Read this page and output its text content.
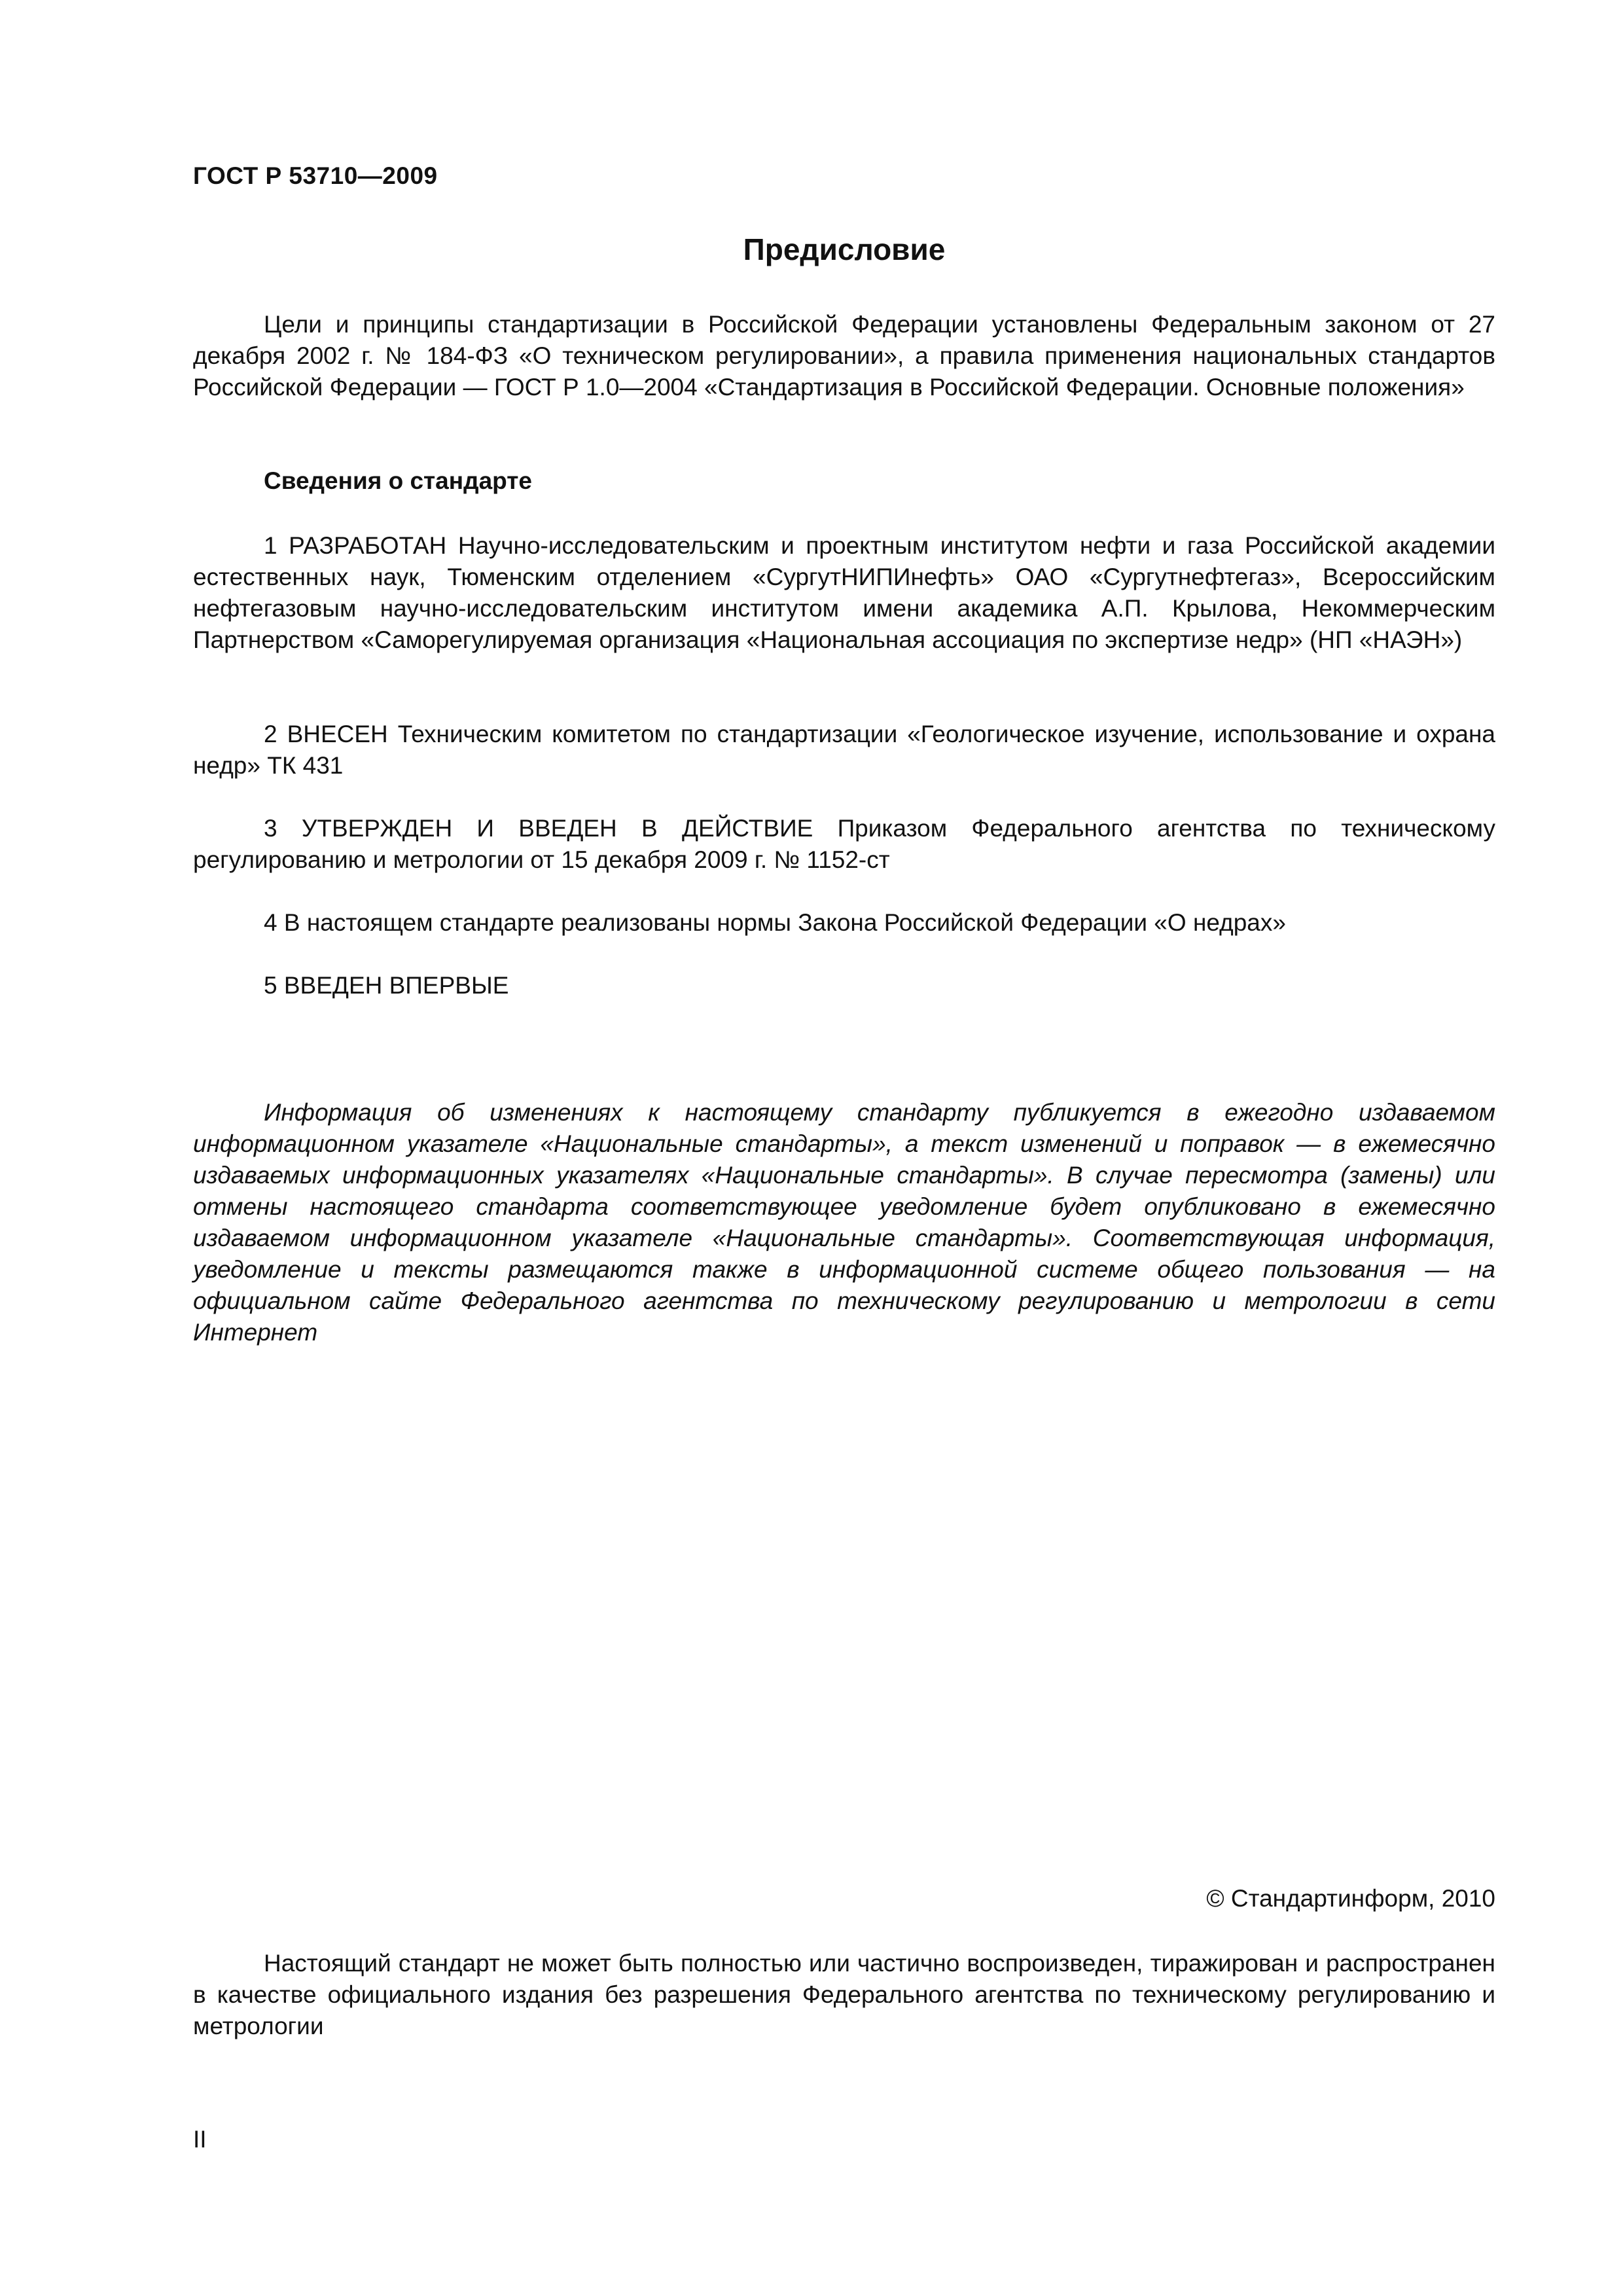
ГОСТ Р 53710—2009
Предисловие

Цели и принципы стандартизации в Российской Федерации установлены Федеральным законом от 27 декабря 2002 г. № 184-ФЗ «О техническом регулировании», а правила применения национальных стандартов Российской Федерации — ГОСТ Р 1.0—2004 «Стандартизация в Российской Федерации. Основные положения»

Сведения о стандарте

1 РАЗРАБОТАН Научно-исследовательским и проектным институтом нефти и газа Российской академии естественных наук, Тюменским отделением «СургутНИПИнефть» ОАО «Сургутнефтегаз», Всероссийским нефтегазовым научно-исследовательским институтом имени академика А.П. Крылова, Некоммерческим Партнерством «Саморегулируемая организация «Национальная ассоциация по экспертизе недр» (НП «НАЭН»)

2 ВНЕСЕН Техническим комитетом по стандартизации «Геологическое изучение, использование и охрана недр» ТК 431

3 УТВЕРЖДЕН И ВВЕДЕН В ДЕЙСТВИЕ Приказом Федерального агентства по техническому регулированию и метрологии от 15 декабря 2009 г. № 1152-ст

4 В настоящем стандарте реализованы нормы Закона Российской Федерации «О недрах»

5 ВВЕДЕН ВПЕРВЫЕ

Информация об изменениях к настоящему стандарту публикуется в ежегодно издаваемом информационном указателе «Национальные стандарты», а текст изменений и поправок — в ежемесячно издаваемых информационных указателях «Национальные стандарты». В случае пересмотра (замены) или отмены настоящего стандарта соответствующее уведомление будет опубликовано в ежемесячно издаваемом информационном указателе «Национальные стандарты». Соответствующая информация, уведомление и тексты размещаются также в информационной системе общего пользования — на официальном сайте Федерального агентства по техническому регулированию и метрологии в сети Интернет

© Стандартинформ, 2010

Настоящий стандарт не может быть полностью или частично воспроизведен, тиражирован и распространен в качестве официального издания без разрешения Федерального агентства по техническому регулированию и метрологии

II
